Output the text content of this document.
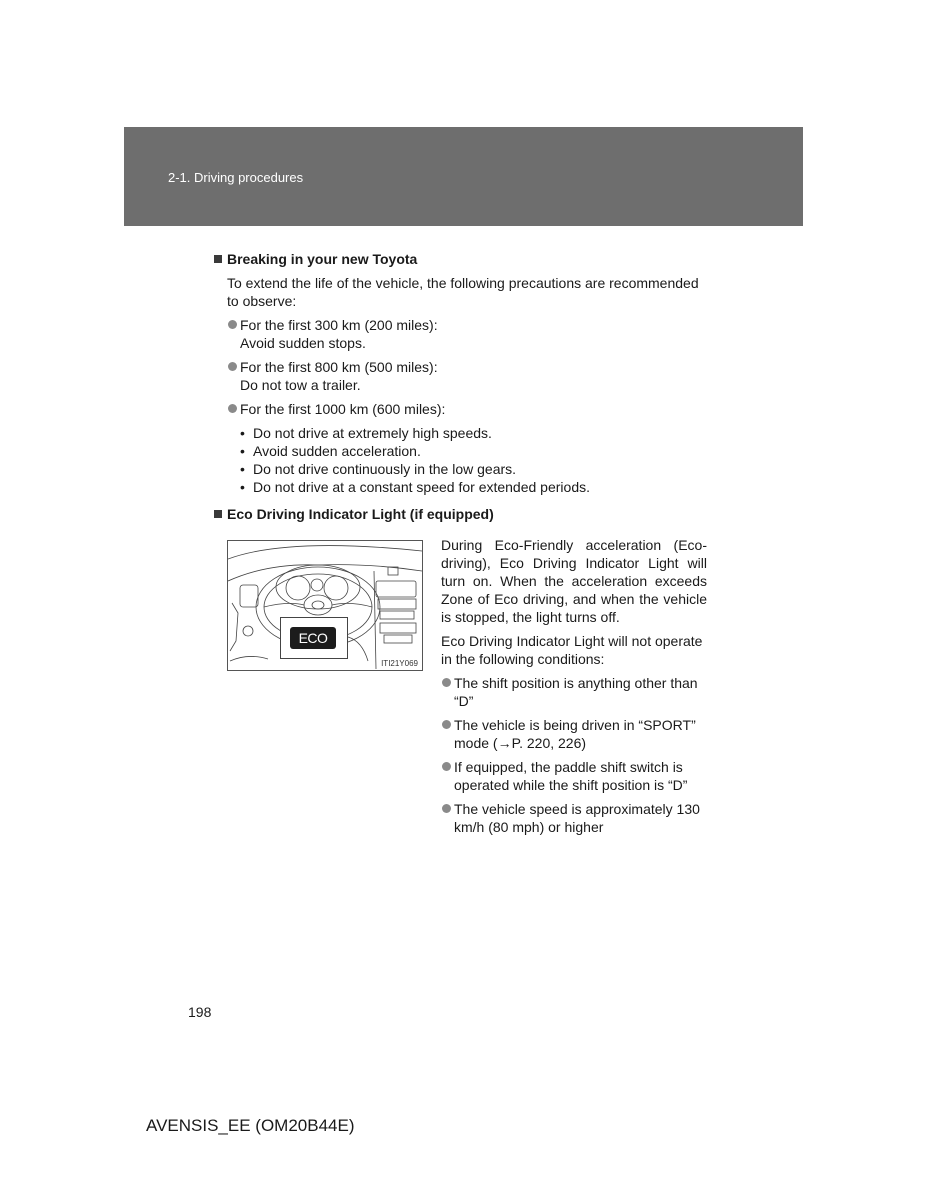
2-1. Driving procedures

Breaking in your new Toyota

To extend the life of the vehicle, the following precautions are recommended to observe:

For the first 300 km (200 miles):
Avoid sudden stops.
For the first 800 km (500 miles):
Do not tow a trailer.
For the first 1000 km (600 miles):
• Do not drive at extremely high speeds.
• Avoid sudden acceleration.
• Do not drive continuously in the low gears.
• Do not drive at a constant speed for extended periods.

Eco Driving Indicator Light (if equipped)

ECO
ITI21Y069

During Eco-Friendly acceleration (Eco-driving), Eco Driving Indicator Light will turn on. When the acceleration exceeds Zone of Eco driving, and when the vehicle is stopped, the light turns off.

Eco Driving Indicator Light will not operate in the following conditions:

The shift position is anything other than “D”
The vehicle is being driven in “SPORT” mode (→P. 220, 226)
If equipped, the paddle shift switch is operated while the shift position is “D”
The vehicle speed is approximately 130 km/h (80 mph) or higher
198
AVENSIS_EE (OM20B44E)
